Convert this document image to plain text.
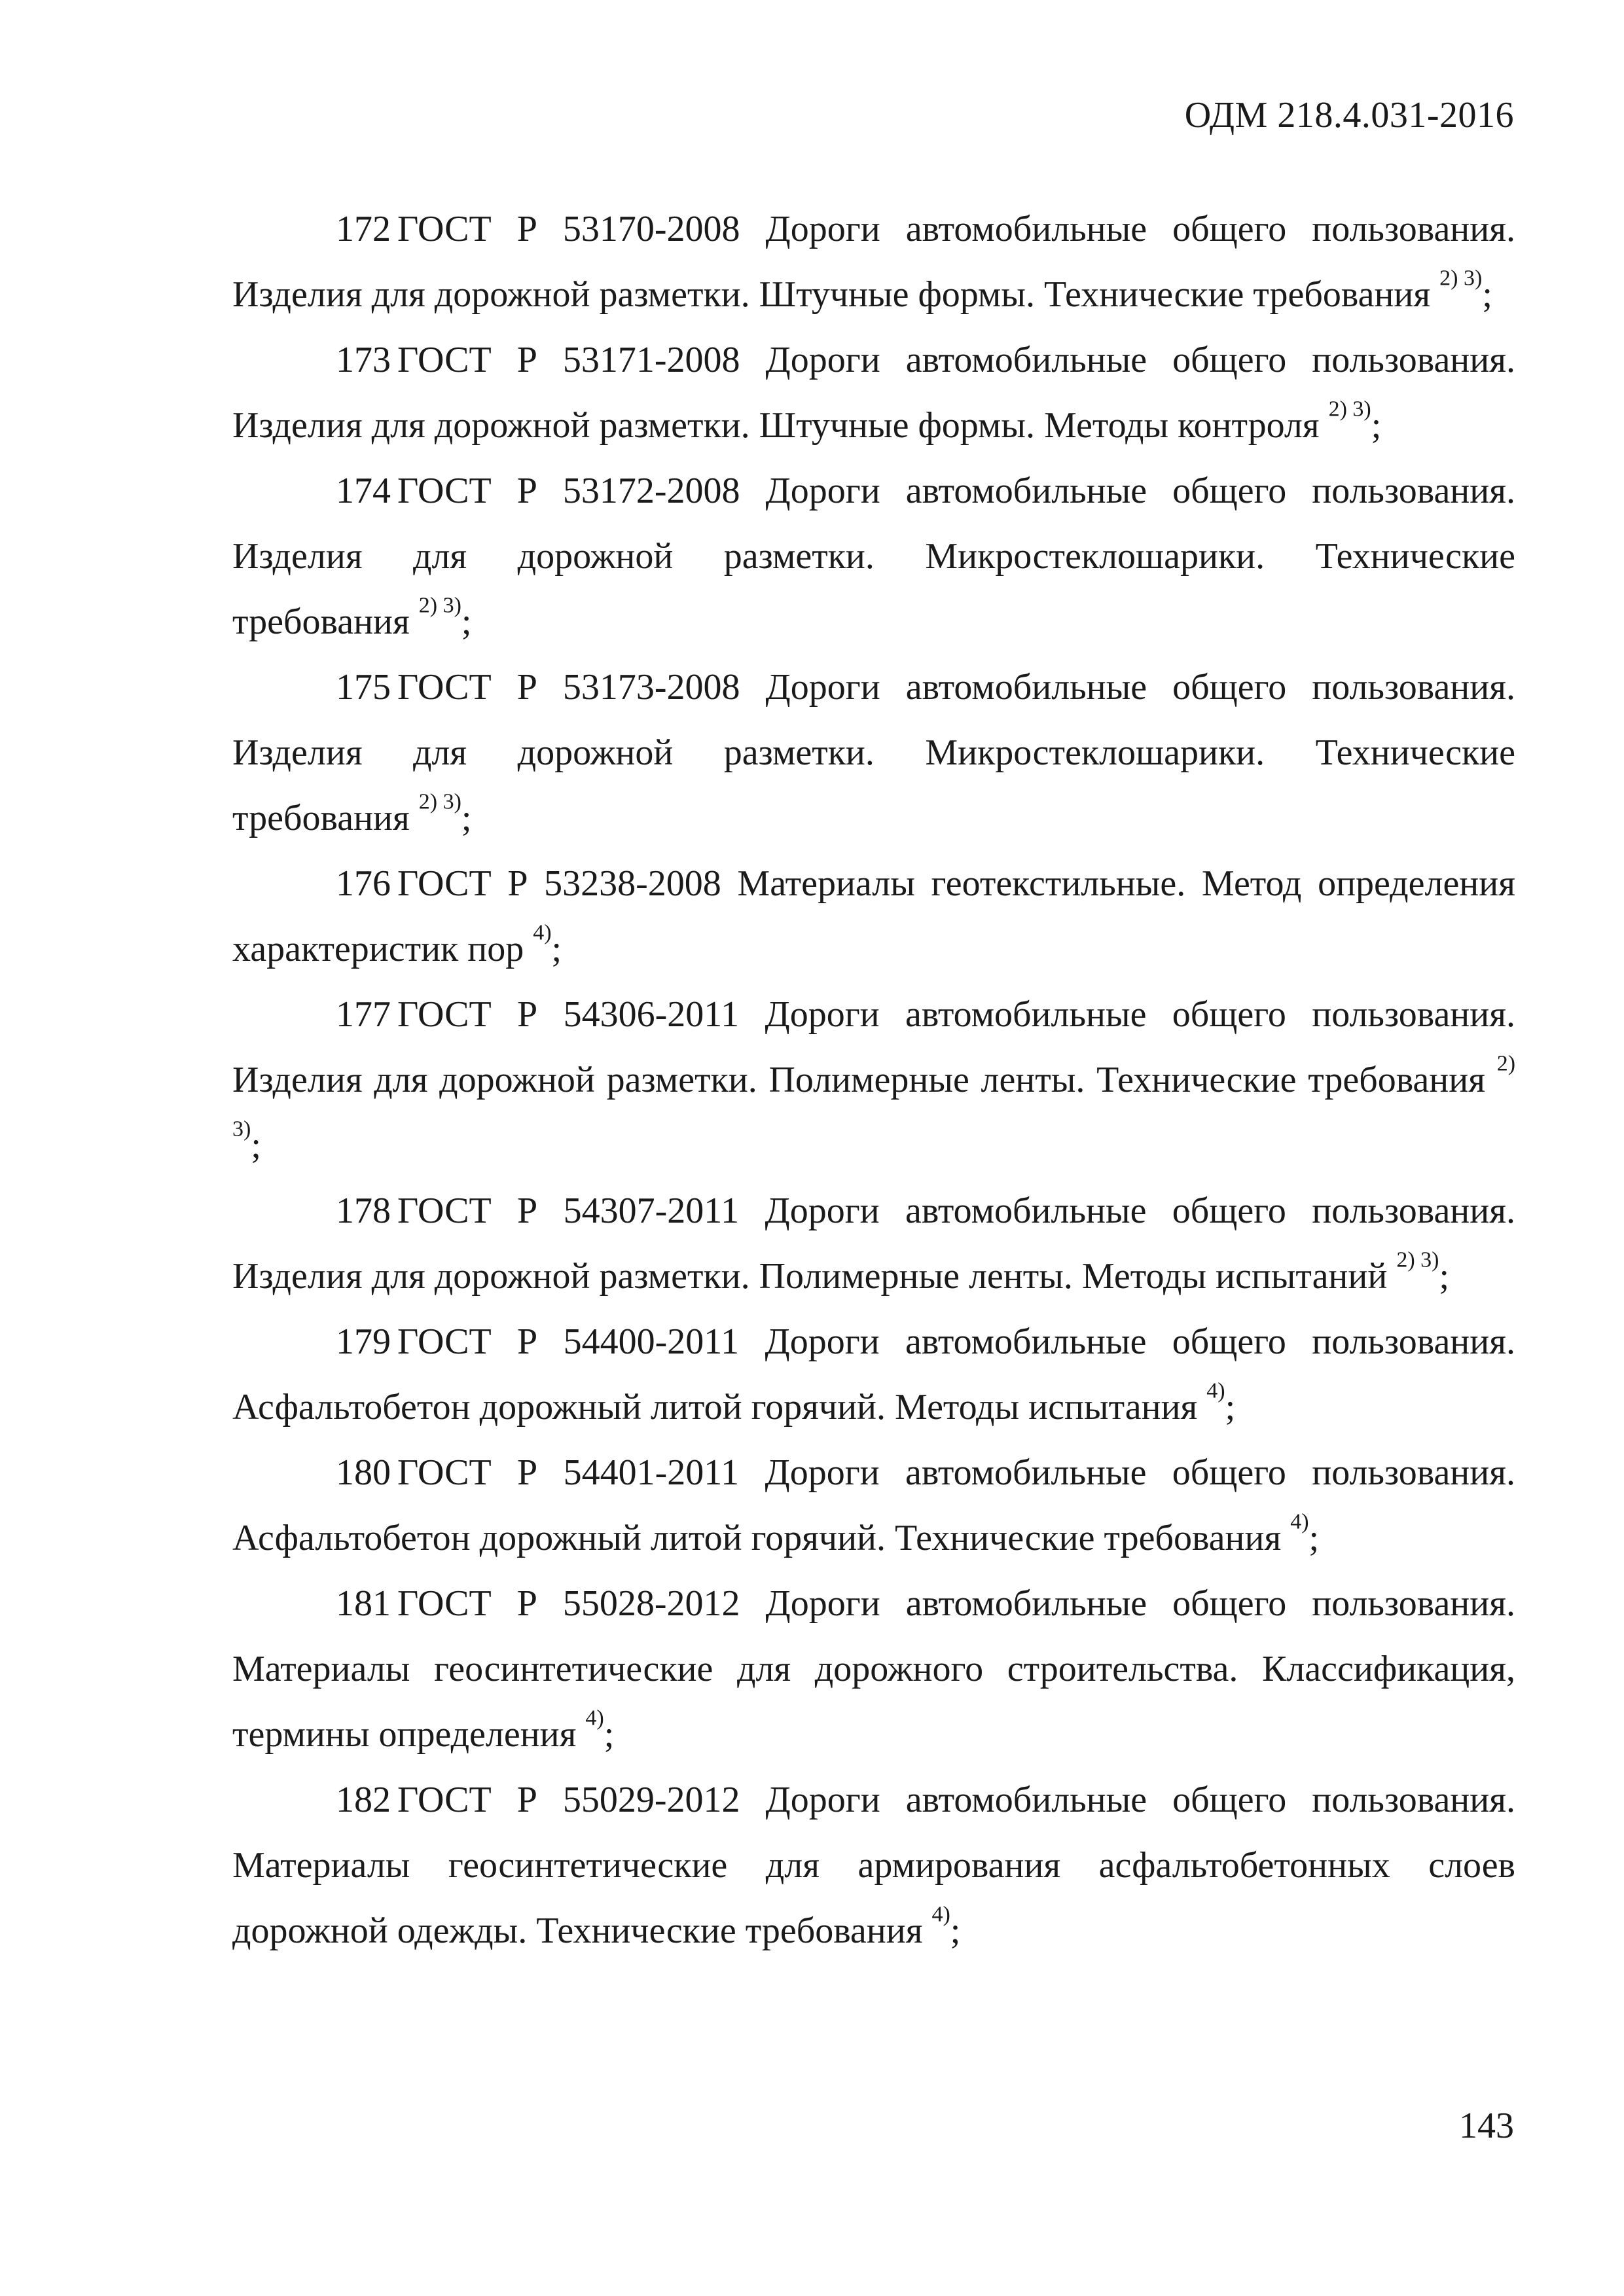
ОДМ 218.4.031-2016

172 ГОСТ Р 53170-2008 Дороги автомобильные общего пользования. Изделия для дорожной разметки. Штучные формы. Технические требования $^{2) 3)}$;

173 ГОСТ Р 53171-2008 Дороги автомобильные общего пользования. Изделия для дорожной разметки. Штучные формы. Методы контроля $^{2) 3)}$;

174 ГОСТ Р 53172-2008 Дороги автомобильные общего пользования. Изделия для дорожной разметки. Микростеклошарики. Технические требования $^{2) 3)}$;

175 ГОСТ Р 53173-2008 Дороги автомобильные общего пользования. Изделия для дорожной разметки. Микростеклошарики. Технические требования $^{2) 3)}$;

176 ГОСТ Р 53238-2008 Материалы геотекстильные. Метод определения характеристик пор $^{4)}$;

177 ГОСТ Р 54306-2011 Дороги автомобильные общего пользования. Изделия для дорожной разметки. Полимерные ленты. Технические требования $^{2) 3)}$;

178 ГОСТ Р 54307-2011 Дороги автомобильные общего пользования. Изделия для дорожной разметки. Полимерные ленты. Методы испытаний $^{2) 3)}$;

179 ГОСТ Р 54400-2011 Дороги автомобильные общего пользования. Асфальтобетон дорожный литой горячий. Методы испытания $^{4)}$;

180 ГОСТ Р 54401-2011 Дороги автомобильные общего пользования. Асфальтобетон дорожный литой горячий. Технические требования $^{4)}$;

181 ГОСТ Р 55028-2012 Дороги автомобильные общего пользования. Материалы геосинтетические для дорожного строительства. Классификация, термины определения $^{4)}$;

182 ГОСТ Р 55029-2012 Дороги автомобильные общего пользования. Материалы геосинтетические для армирования асфальтобетонных слоев дорожной одежды. Технические требования $^{4)}$;

143
